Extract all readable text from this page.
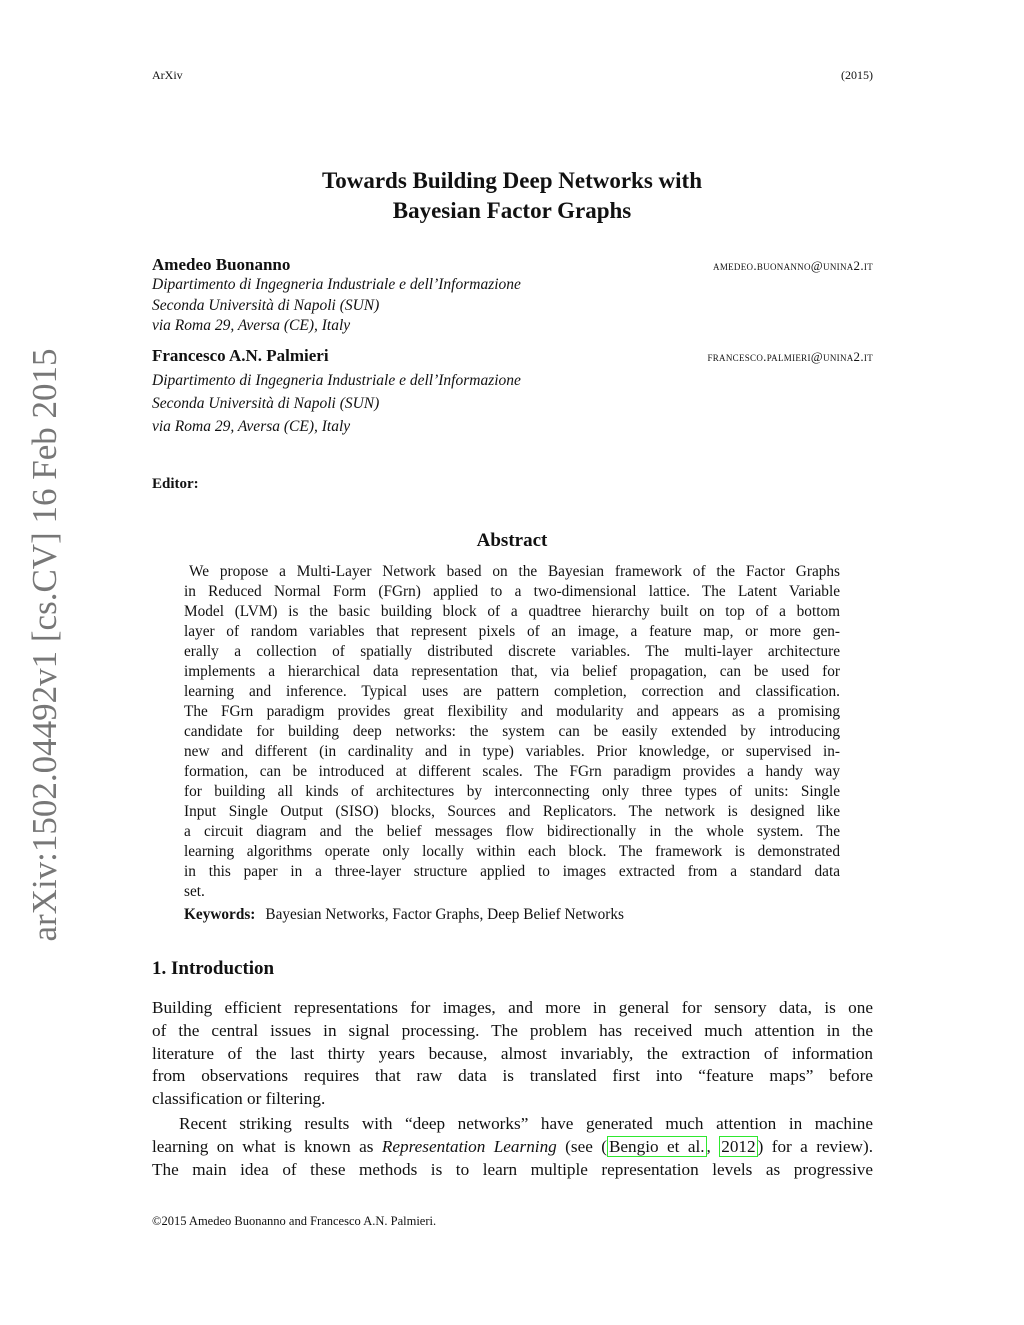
ArXiv	(2015)
arXiv:1502.04492v1 [cs.CV] 16 Feb 2015
Towards Building Deep Networks with
Bayesian Factor Graphs
Amedeo Buonanno	amedeo.buonanno@unina2.it
Dipartimento di Ingegneria Industriale e dell’Informazione
Seconda Università di Napoli (SUN)
via Roma 29, Aversa (CE), Italy
Francesco A.N. Palmieri	francesco.palmieri@unina2.it
Dipartimento di Ingegneria Industriale e dell’Informazione
Seconda Università di Napoli (SUN)
via Roma 29, Aversa (CE), Italy
Editor:
Abstract
We propose a Multi-Layer Network based on the Bayesian framework of the Factor Graphs
in Reduced Normal Form (FGrn) applied to a two-dimensional lattice. The Latent Variable
Model (LVM) is the basic building block of a quadtree hierarchy built on top of a bottom
layer of random variables that represent pixels of an image, a feature map, or more gen-
erally a collection of spatially distributed discrete variables. The multi-layer architecture
implements a hierarchical data representation that, via belief propagation, can be used for
learning and inference. Typical uses are pattern completion, correction and classification.
The FGrn paradigm provides great flexibility and modularity and appears as a promising
candidate for building deep networks: the system can be easily extended by introducing
new and different (in cardinality and in type) variables. Prior knowledge, or supervised in-
formation, can be introduced at different scales. The FGrn paradigm provides a handy way
for building all kinds of architectures by interconnecting only three types of units: Single
Input Single Output (SISO) blocks, Sources and Replicators. The network is designed like
a circuit diagram and the belief messages flow bidirectionally in the whole system. The
learning algorithms operate only locally within each block. The framework is demonstrated
in this paper in a three-layer structure applied to images extracted from a standard data
set.
Keywords: Bayesian Networks, Factor Graphs, Deep Belief Networks
1. Introduction
Building efficient representations for images, and more in general for sensory data, is one
of the central issues in signal processing. The problem has received much attention in the
literature of the last thirty years because, almost invariably, the extraction of information
from observations requires that raw data is translated first into “feature maps” before
classification or filtering.
Recent striking results with “deep networks” have generated much attention in machine
learning on what is known as Representation Learning (see ( Bengio et al. , 2012 ) for a review).
The main idea of these methods is to learn multiple representation levels as progressive
©2015 Amedeo Buonanno and Francesco A.N. Palmieri.
